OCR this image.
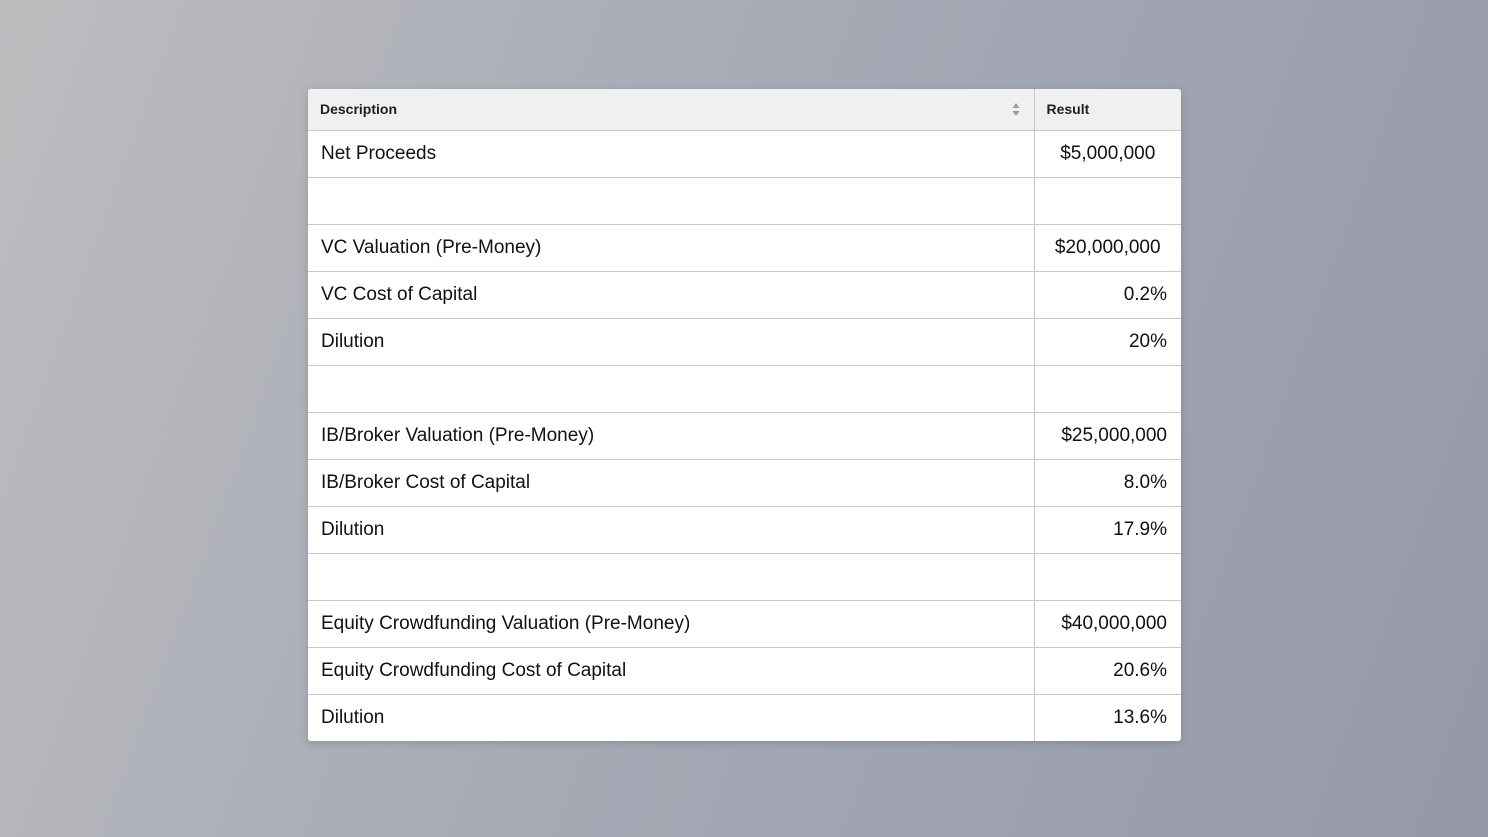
Description	Result
Net Proceeds	$5,000,000

VC Valuation (Pre-Money)	$20,000,000
VC Cost of Capital	0.2%
Dilution	20%

IB/Broker Valuation (Pre-Money)	$25,000,000
IB/Broker Cost of Capital	8.0%
Dilution	17.9%

Equity Crowdfunding Valuation (Pre-Money)	$40,000,000
Equity Crowdfunding Cost of Capital	20.6%
Dilution	13.6%
